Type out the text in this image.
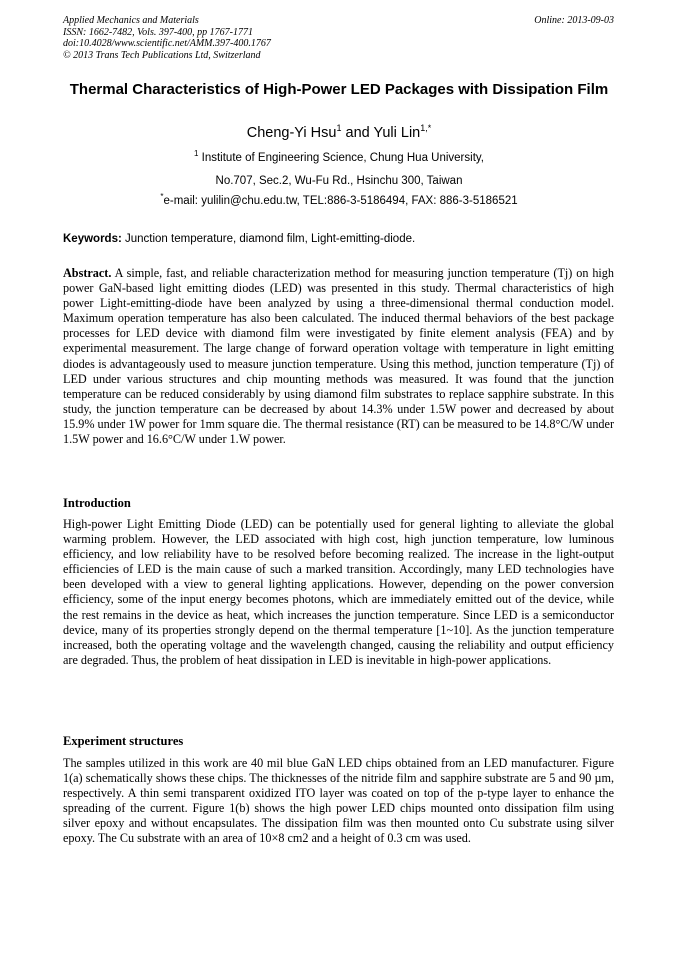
Applied Mechanics and Materials
ISSN: 1662-7482, Vols. 397-400, pp 1767-1771
doi:10.4028/www.scientific.net/AMM.397-400.1767
© 2013 Trans Tech Publications Ltd, Switzerland
Online: 2013-09-03
Thermal Characteristics of High-Power LED Packages with Dissipation Film
Cheng-Yi Hsu$^1$ and Yuli Lin$^{1,*}$
$^1$ Institute of Engineering Science, Chung Hua University,
No.707, Sec.2, Wu-Fu Rd., Hsinchu 300, Taiwan
*e-mail: yulilin@chu.edu.tw, TEL:886-3-5186494, FAX: 886-3-5186521
Keywords: Junction temperature, diamond film, Light-emitting-diode.
Abstract. A simple, fast, and reliable characterization method for measuring junction temperature (Tj) on high power GaN-based light emitting diodes (LED) was presented in this study. Thermal characteristics of high power Light-emitting-diode have been analyzed by using a three-dimensional thermal conduction model. Maximum operation temperature has also been calculated. The induced thermal behaviors of the best package processes for LED device with diamond film were investigated by finite element analysis (FEA) and by experimental measurement. The large change of forward operation voltage with temperature in light emitting diodes is advantageously used to measure junction temperature. Using this method, junction temperature (Tj) of LED under various structures and chip mounting methods was measured. It was found that the junction temperature can be reduced considerably by using diamond film substrates to replace sapphire substrate. In this study, the junction temperature can be decreased by about 14.3% under 1.5W power and decreased by about 15.9% under 1W power for 1mm square die. The thermal resistance (RT) can be measured to be 14.8°C/W under 1.5W power and 16.6°C/W under 1.W power.
Introduction
High-power Light Emitting Diode (LED) can be potentially used for general lighting to alleviate the global warming problem. However, the LED associated with high cost, high junction temperature, low luminous efficiency, and low reliability have to be resolved before becoming realized. The increase in the light-output efficiencies of LED is the main cause of such a marked transition. Accordingly, many LED technologies have been developed with a view to general lighting applications. However, depending on the power conversion efficiency, some of the input energy becomes photons, which are immediately emitted out of the device, while the rest remains in the device as heat, which increases the junction temperature. Since LED is a semiconductor device, many of its properties strongly depend on the thermal temperature [1~10]. As the junction temperature increased, both the operating voltage and the wavelength changed, causing the reliability and output efficiency are degraded. Thus, the problem of heat dissipation in LED is inevitable in high-power applications.
Experiment structures
The samples utilized in this work are 40 mil blue GaN LED chips obtained from an LED manufacturer. Figure 1(a) schematically shows these chips. The thicknesses of the nitride film and sapphire substrate are 5 and 90 µm, respectively. A thin semi transparent oxidized ITO layer was coated on top of the p-type layer to enhance the spreading of the current. Figure 1(b) shows the high power LED chips mounted onto dissipation film using silver epoxy and without encapsulates. The dissipation film was then mounted onto Cu substrate using silver epoxy. The Cu substrate with an area of 10×8 cm2 and a height of 0.3 cm was used.
